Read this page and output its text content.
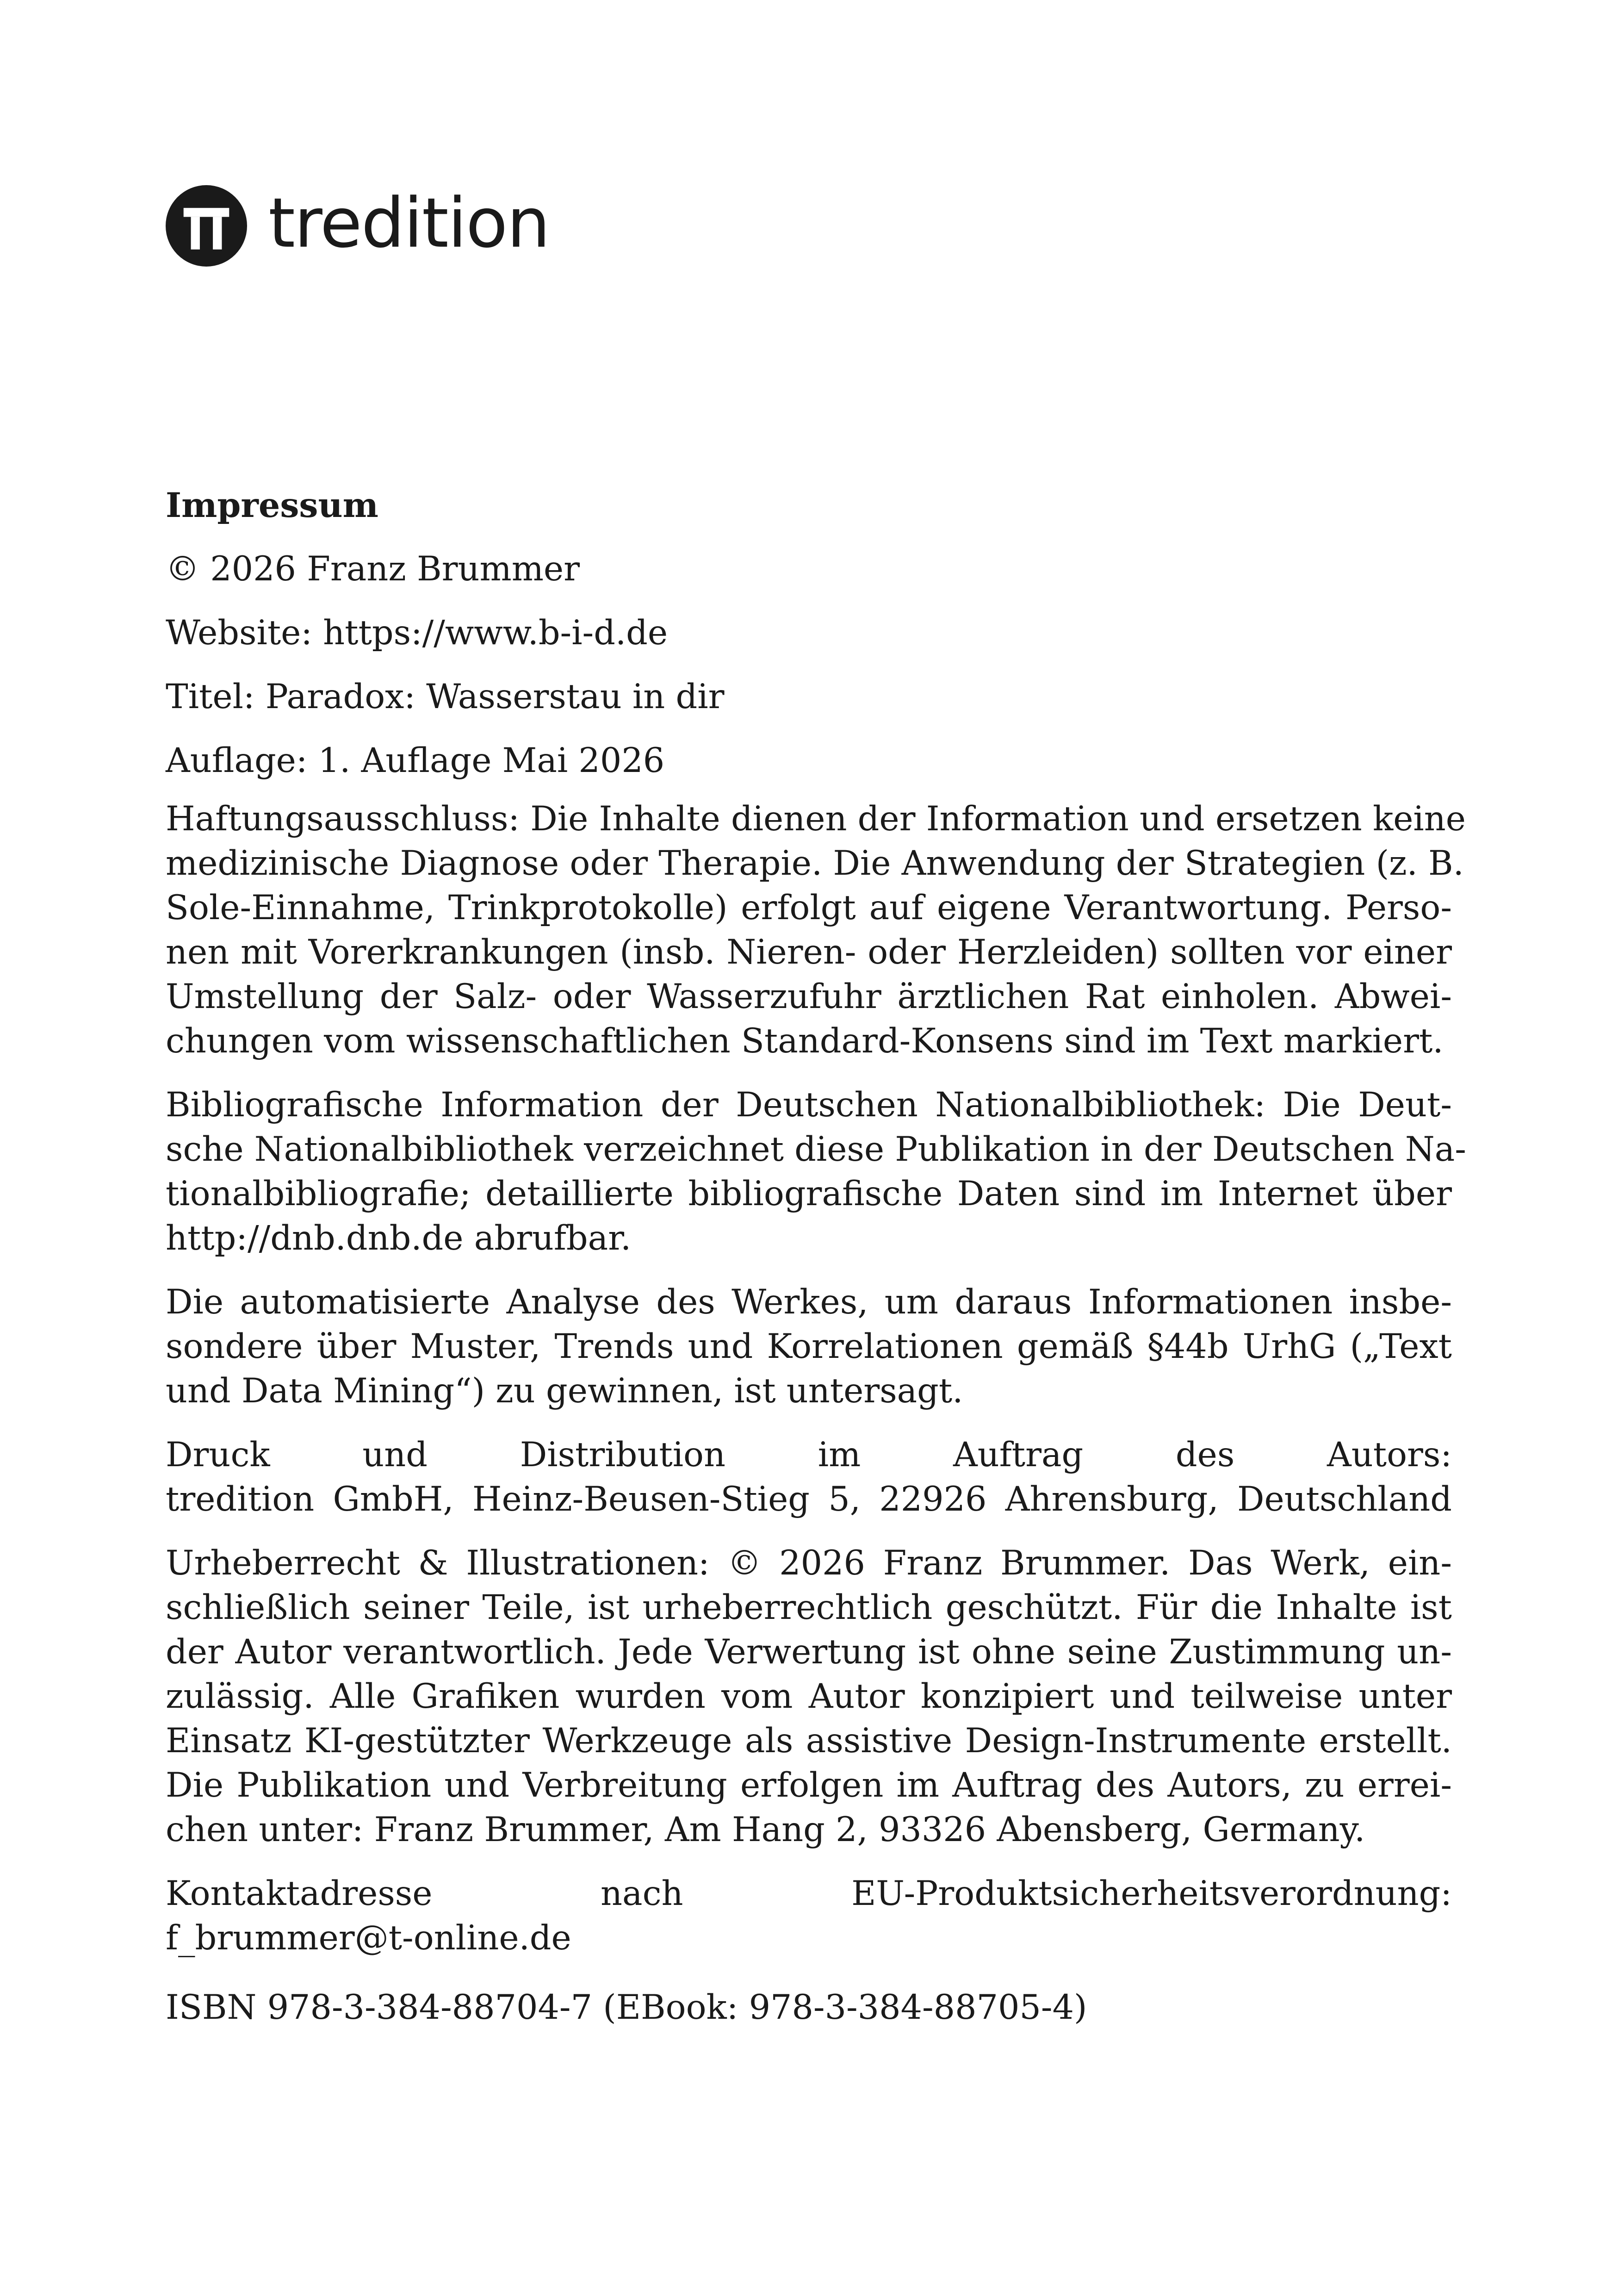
tredition
Impressum
© 2026 Franz Brummer
Website: https://www.b-i-d.de
Titel: Paradox: Wasserstau in dir
Auflage: 1. Auflage Mai 2026
Haftungsausschluss: Die Inhalte dienen der Information und ersetzen keine
medizinische Diagnose oder Therapie. Die Anwendung der Strategien (z. B.
Sole-Einnahme, Trinkprotokolle) erfolgt auf eigene Verantwortung. Perso-
nen mit Vorerkrankungen (insb. Nieren- oder Herzleiden) sollten vor einer
Umstellung der Salz- oder Wasserzufuhr ärztlichen Rat einholen. Abwei-
chungen vom wissenschaftlichen Standard-Konsens sind im Text markiert.
Bibliografische Information der Deutschen Nationalbibliothek: Die Deut-
sche Nationalbibliothek verzeichnet diese Publikation in der Deutschen Na-
tionalbibliografie; detaillierte bibliografische Daten sind im Internet über
http://dnb.dnb.de abrufbar.
Die automatisierte Analyse des Werkes, um daraus Informationen insbe-
sondere über Muster, Trends und Korrelationen gemäß §44b UrhG („Text
und Data Mining“) zu gewinnen, ist untersagt.
Druck und Distribution im Auftrag des Autors:
tredition GmbH, Heinz-Beusen-Stieg 5, 22926 Ahrensburg, Deutschland
Urheberrecht & Illustrationen: © 2026 Franz Brummer. Das Werk, ein-
schließlich seiner Teile, ist urheberrechtlich geschützt. Für die Inhalte ist
der Autor verantwortlich. Jede Verwertung ist ohne seine Zustimmung un-
zulässig. Alle Grafiken wurden vom Autor konzipiert und teilweise unter
Einsatz KI-gestützter Werkzeuge als assistive Design-Instrumente erstellt.
Die Publikation und Verbreitung erfolgen im Auftrag des Autors, zu errei-
chen unter: Franz Brummer, Am Hang 2, 93326 Abensberg, Germany.
Kontaktadresse nach EU-Produktsicherheitsverordnung:
f_brummer@t-online.de
ISBN 978-3-384-88704-7 (EBook: 978-3-384-88705-4)
